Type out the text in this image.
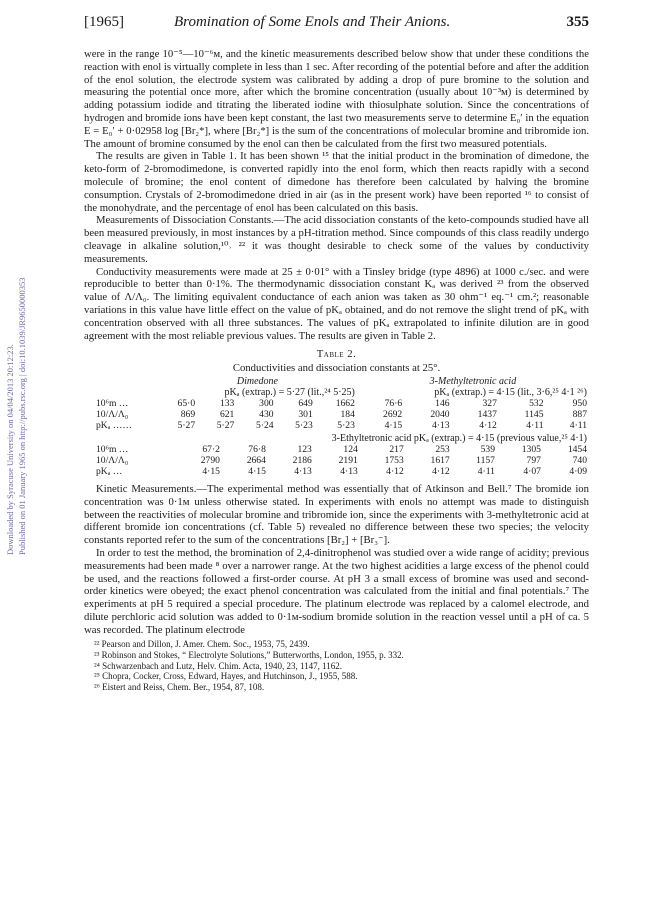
Downloaded by Syracuse University on 04/04/2013 20:12:23. Published on 01 January 1965 on http://pubs.rsc.org | doi:10.1039/JR9650000353
[1965]	Bromination of Some Enols and Their Anions.	355

were in the range 10⁻⁵—10⁻⁶м, and the kinetic measurements described below show that under these conditions the reaction with enol is virtually complete in less than 1 sec. After recording of the potential before and after the addition of the enol solution, the electrode system was calibrated by adding a drop of pure bromine to the solution and measuring the potential once more, after which the bromine concentration (usually about 10⁻³м) is determined by adding potassium iodide and titrating the liberated iodine with thiosulphate solution. Since the concentrations of hydrogen and bromide ions have been kept constant, the last two measurements serve to determine E₀′ in the equation E = E₀′ + 0·02958 log [Br₂*], where [Br₂*] is the sum of the concentrations of molecular bromine and tribromide ion. The amount of bromine consumed by the enol can then be calculated from the first two measured potentials.

The results are given in Table 1. It has been shown ¹⁵ that the initial product in the bromination of dimedone, the keto-form of 2-bromodimedone, is converted rapidly into the enol form, which then reacts rapidly with a second molecule of bromine; the enol content of dimedone has therefore been calculated by halving the bromine consumption. Crystals of 2-bromodimedone dried in air (as in the present work) have been reported ¹⁶ to consist of the monohydrate, and the percentage of enol has been calculated on this basis.

Measurements of Dissociation Constants.—The acid dissociation constants of the keto-compounds studied have all been measured previously, in most instances by a pH-titration method. Since compounds of this class readily undergo cleavage in alkaline solution,¹⁰˒ ²² it was thought desirable to check some of the values by conductivity measurements.

Conductivity measurements were made at 25 ± 0·01° with a Tinsley bridge (type 4896) at 1000 c./sec. and were reproducible to better than 0·1%. The thermodynamic dissociation constant Kₐ was derived ²³ from the observed value of Λ/Λ₀. The limiting equivalent conductance of each anion was taken as 30 ohm⁻¹ eq.⁻¹ cm.²; reasonable variations in this value have little effect on the value of pKₐ obtained, and do not remove the slight trend of pKₐ with concentration observed with all three substances. The values of pKₐ extrapolated to infinite dilution are in good agreement with the most reliable previous values. The results are given in Table 2.

Table 2.
Conductivities and dissociation constants at 25°.
	Dimedone					3-Methyltetronic acid				
	pKₐ (extrap.) = 5·27 (lit.,²⁴ 5·25)					pKₐ (extrap.) = 4·15 (lit., 3·6,²⁵ 4·1 ²⁶)				
10⁶m …	65·0	133	300	649	1662	76·6	146	327	532	950
10/Λ/Λ₀	869	621	430	301	184	2692	2040	1437	1145	887
pKₐ ……	5·27	5·27	5·24	5·23	5·23	4·15	4·13	4·12	4·11	4·11
	3-Ethyltetronic acid pKₐ (extrap.) = 4·15 (previous value,²⁵ 4·1)									
10⁶m …	67·2	76·8	123	124	217	253	539	1305	1454
10/Λ/Λ₀	2790	2664	2186	2191	1753	1617	1157	797	740
pKₐ …	4·15	4·15	4·13	4·13	4·12	4·12	4·11	4·07	4·09

Kinetic Measurements.—The experimental method was essentially that of Atkinson and Bell.⁷ The bromide ion concentration was 0·1м unless otherwise stated. In experiments with enols no attempt was made to distinguish between the reactivities of molecular bromine and tribromide ion, since the experiments with 3-methyltetronic acid at different bromide ion concentrations (cf. Table 5) revealed no difference between these two species; the velocity constants reported refer to the sum of the concentrations [Br₂] + [Br₃⁻].

In order to test the method, the bromination of 2,4-dinitrophenol was studied over a wide range of acidity; previous measurements had been made ⁸ over a narrower range. At the two highest acidities a large excess of the phenol could be used, and the reactions followed a first-order course. At pH 3 a small excess of bromine was used and second-order kinetics were obeyed; the exact phenol concentration was calculated from the initial and final potentials.⁷ The experiments at pH 5 required a special procedure. The platinum electrode was replaced by a calomel electrode, and dilute perchloric acid solution was added to 0·1м-sodium bromide solution in the reaction vessel until a pH of ca. 5 was recorded. The platinum electrode

²² Pearson and Dillon, J. Amer. Chem. Soc., 1953, 75, 2439.
²³ Robinson and Stokes, “ Electrolyte Solutions,” Butterworths, London, 1955, p. 332.
²⁴ Schwarzenbach and Lutz, Helv. Chim. Acta, 1940, 23, 1147, 1162.
²⁵ Chopra, Cocker, Cross, Edward, Hayes, and Hutchinson, J., 1955, 588.
²⁶ Eistert and Reiss, Chem. Ber., 1954, 87, 108.
